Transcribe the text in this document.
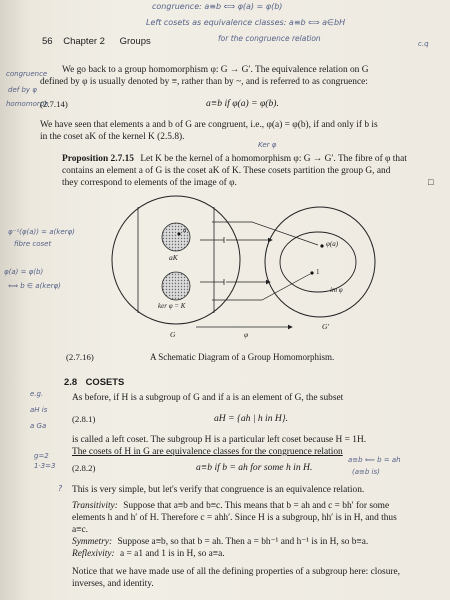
congruence: a≡b ⟺ φ(a) = φ(b)
Left cosets as equivalence classes: a≡b ⟺ a∈bH
for the congruence relation
c.q
56 Chapter 2 Groups
congruence
def by φ
homomorph
We go back to a group homomorphism φ: G → G′. The equivalence relation on G
defined by φ is usually denoted by ≡, rather than by ~, and is referred to as congruence:
(2.7.14)	a≡b if φ(a) = φ(b).
We have seen that elements a and b of G are congruent, i.e., φ(a) = φ(b), if and only if b is
in the coset aK of the kernel K (2.5.8).
Ker φ
Proposition 2.7.15 Let K be the kernel of a homomorphism φ: G → G′. The fibre of φ that
contains an element a of G is the coset aK of K. These cosets partition the group G, and
they correspond to elements of the image of φ.	□
φ⁻¹(φ(a)) = a(kerφ)
fibre coset
φ(a) = φ(b)
⟺ b ∈ a(kerφ)
a
aK
φ(a)
1
ker φ = K
im φ
G
G′
φ
(2.7.16)	A Schematic Diagram of a Group Homomorphism.
2.8 COSETS
e.g.
aH is
a Ga
As before, if H is a subgroup of G and if a is an element of G, the subset
(2.8.1)	aH = {ah | h in H}.
is called a left coset. The subgroup H is a particular left coset because H = 1H.
The cosets of H in G are equivalence classes for the congruence relation
g=2
1·3=3 (2.8.2)	a≡b if b = ah for some h in H.
a≡b ⟸ b = ah
(a≡b is)
? This is very simple, but let's verify that congruence is an equivalence relation.
Transitivity: Suppose that a≡b and b≡c. This means that b = ah and c = bh′ for some
elements h and h′ of H. Therefore c = ahh′. Since H is a subgroup, hh′ is in H, and thus
a≡c.
Symmetry: Suppose a≡b, so that b = ah. Then a = bh⁻¹ and h⁻¹ is in H, so b≡a.
Reflexivity: a = a1 and 1 is in H, so a≡a.
Notice that we have made use of all the defining properties of a subgroup here: closure,
inverses, and identity.
